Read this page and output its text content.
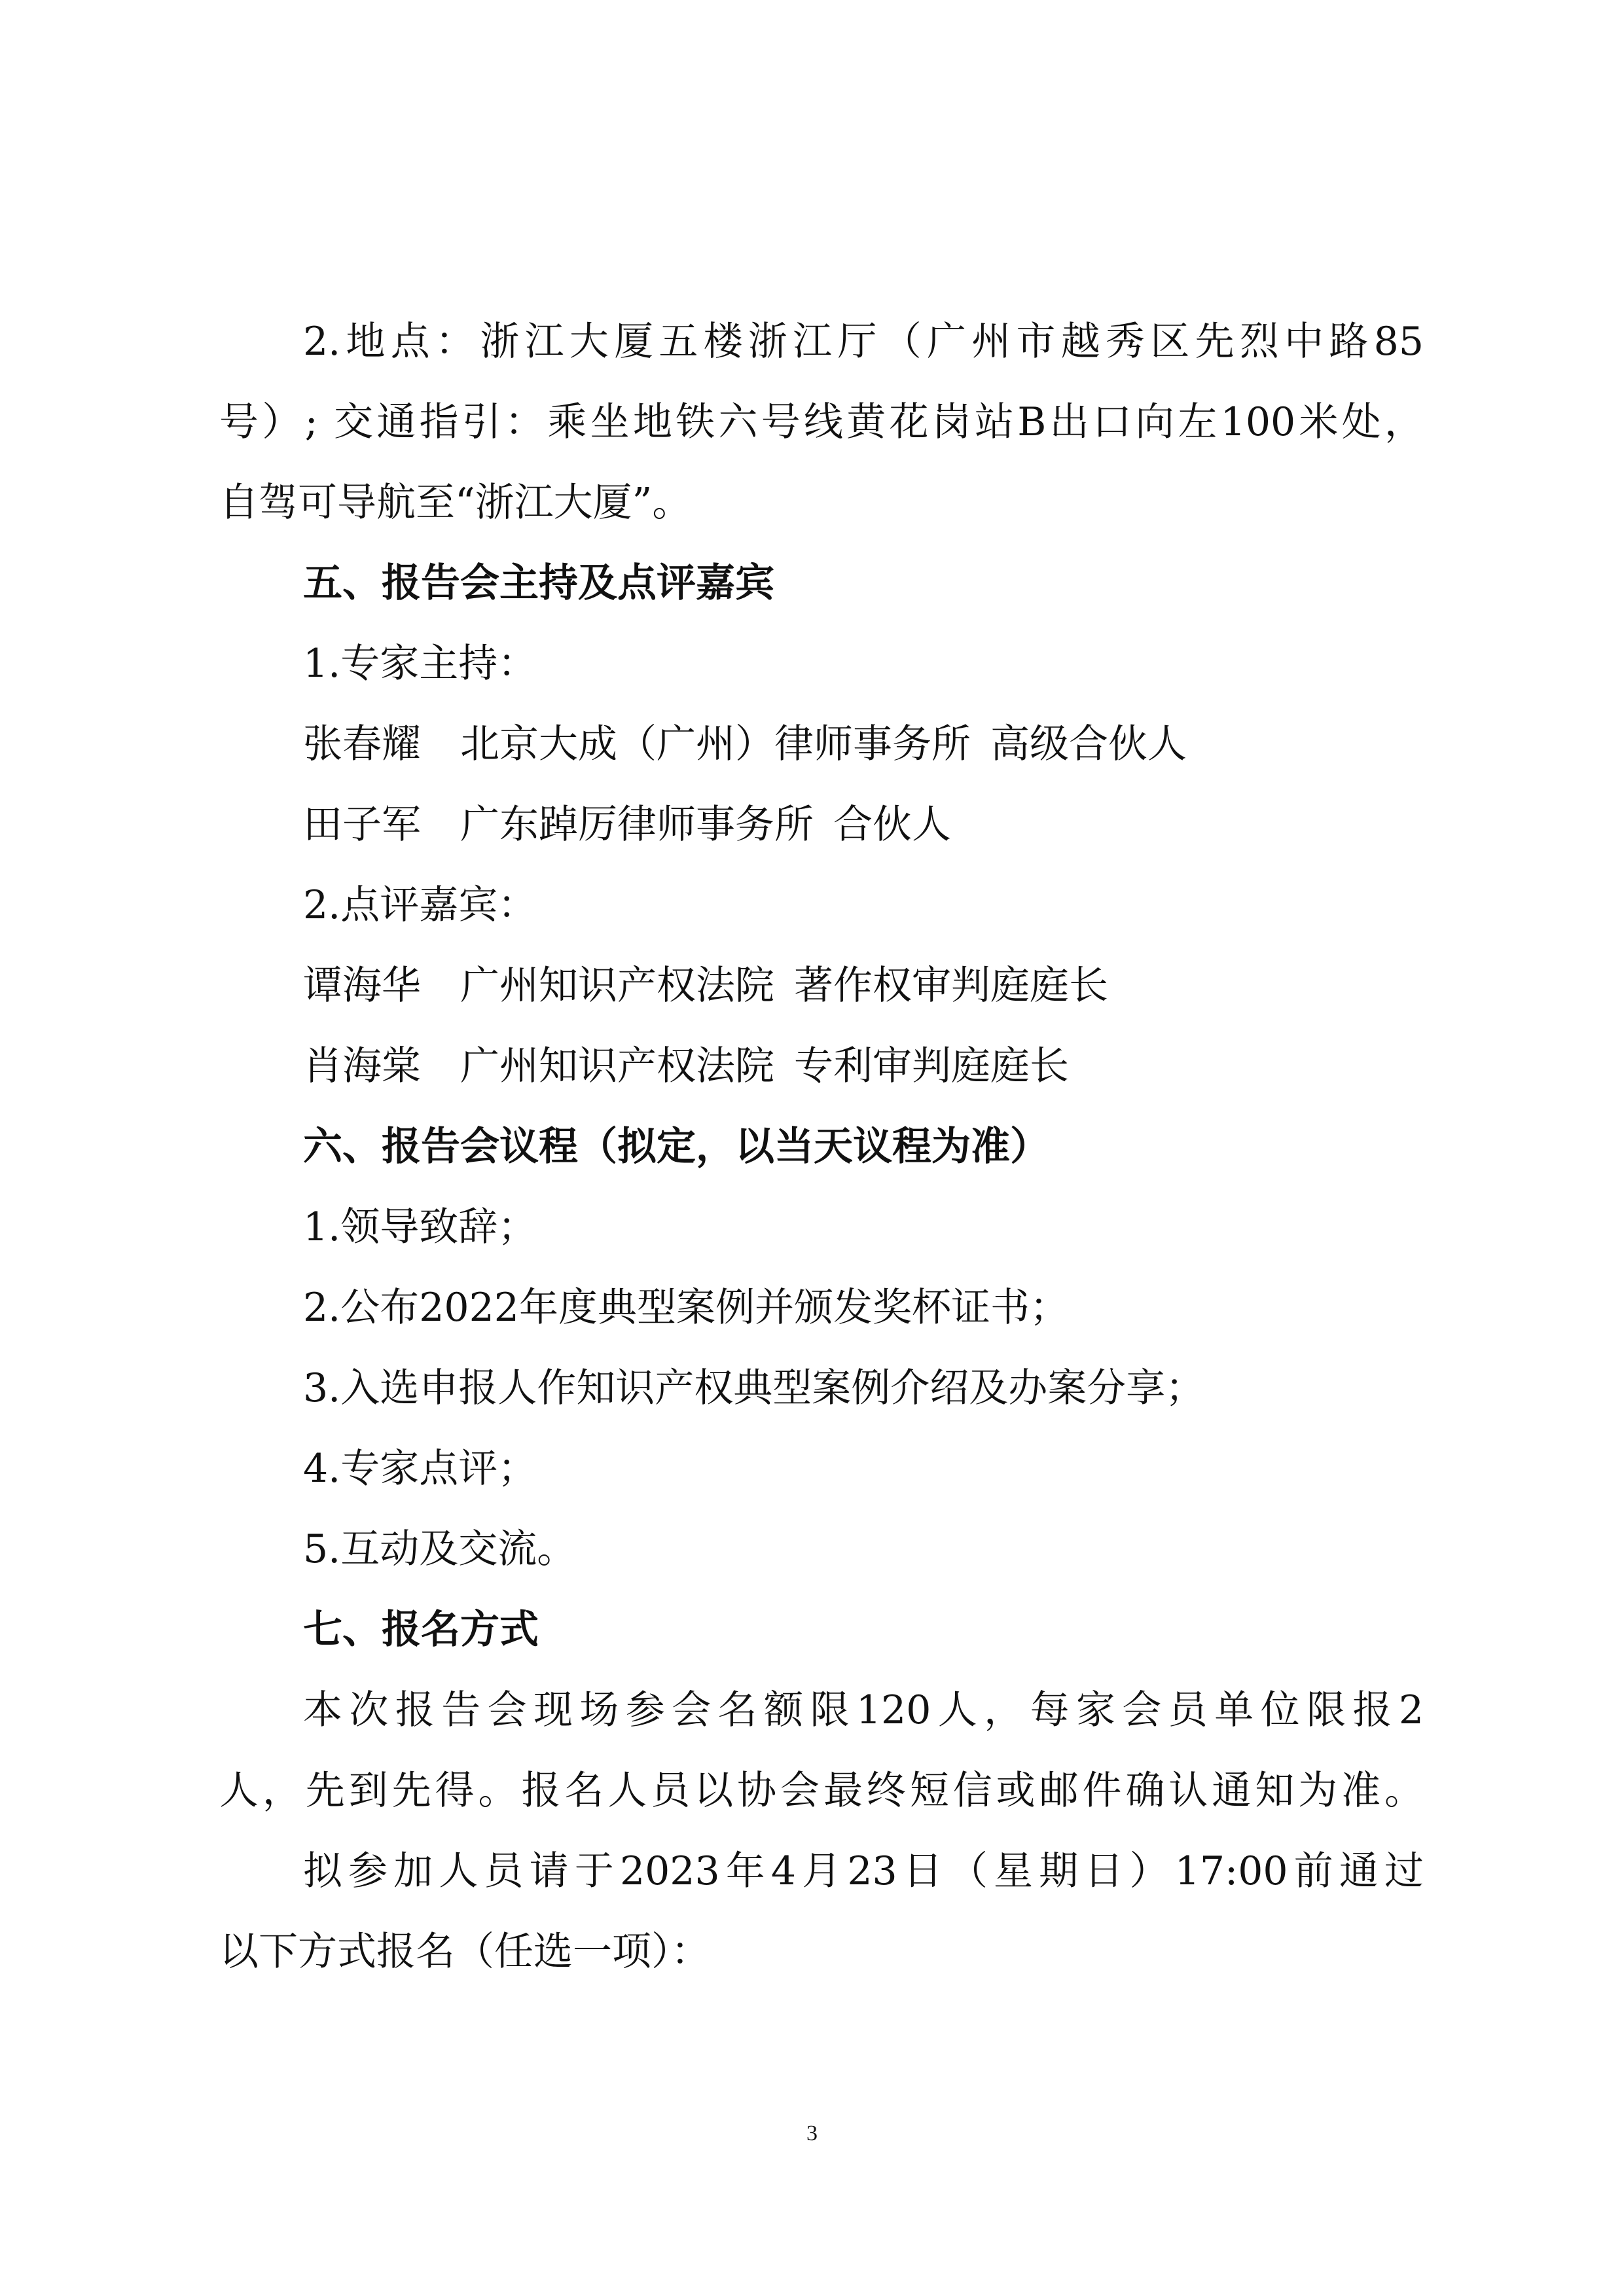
2.地点：浙江大厦五楼浙江厅（广州市越秀区先烈中路85
号）; 交通指引：乘坐地铁六号线黄花岗站B出口向左100米处，
自驾可导航至“浙江大厦”。
五、报告会主持及点评嘉宾
1.专家主持：
张春耀 北京大成（广州）律师事务所 高级合伙人
田子军 广东踔厉律师事务所 合伙人
2.点评嘉宾：
谭海华 广州知识产权法院 著作权审判庭庭长
肖海棠 广州知识产权法院 专利审判庭庭长
六、报告会议程（拟定，以当天议程为准）
1.领导致辞；
2.公布2022年度典型案例并颁发奖杯证书；
3.入选申报人作知识产权典型案例介绍及办案分享；
4.专家点评；
5.互动及交流。
七、报名方式
本次报告会现场参会名额限120人，每家会员单位限报2
人，先到先得。报名人员以协会最终短信或邮件确认通知为准。
拟参加人员请于2023年4月23日（星期日）17:00前通过
以下方式报名（任选一项）：
3
